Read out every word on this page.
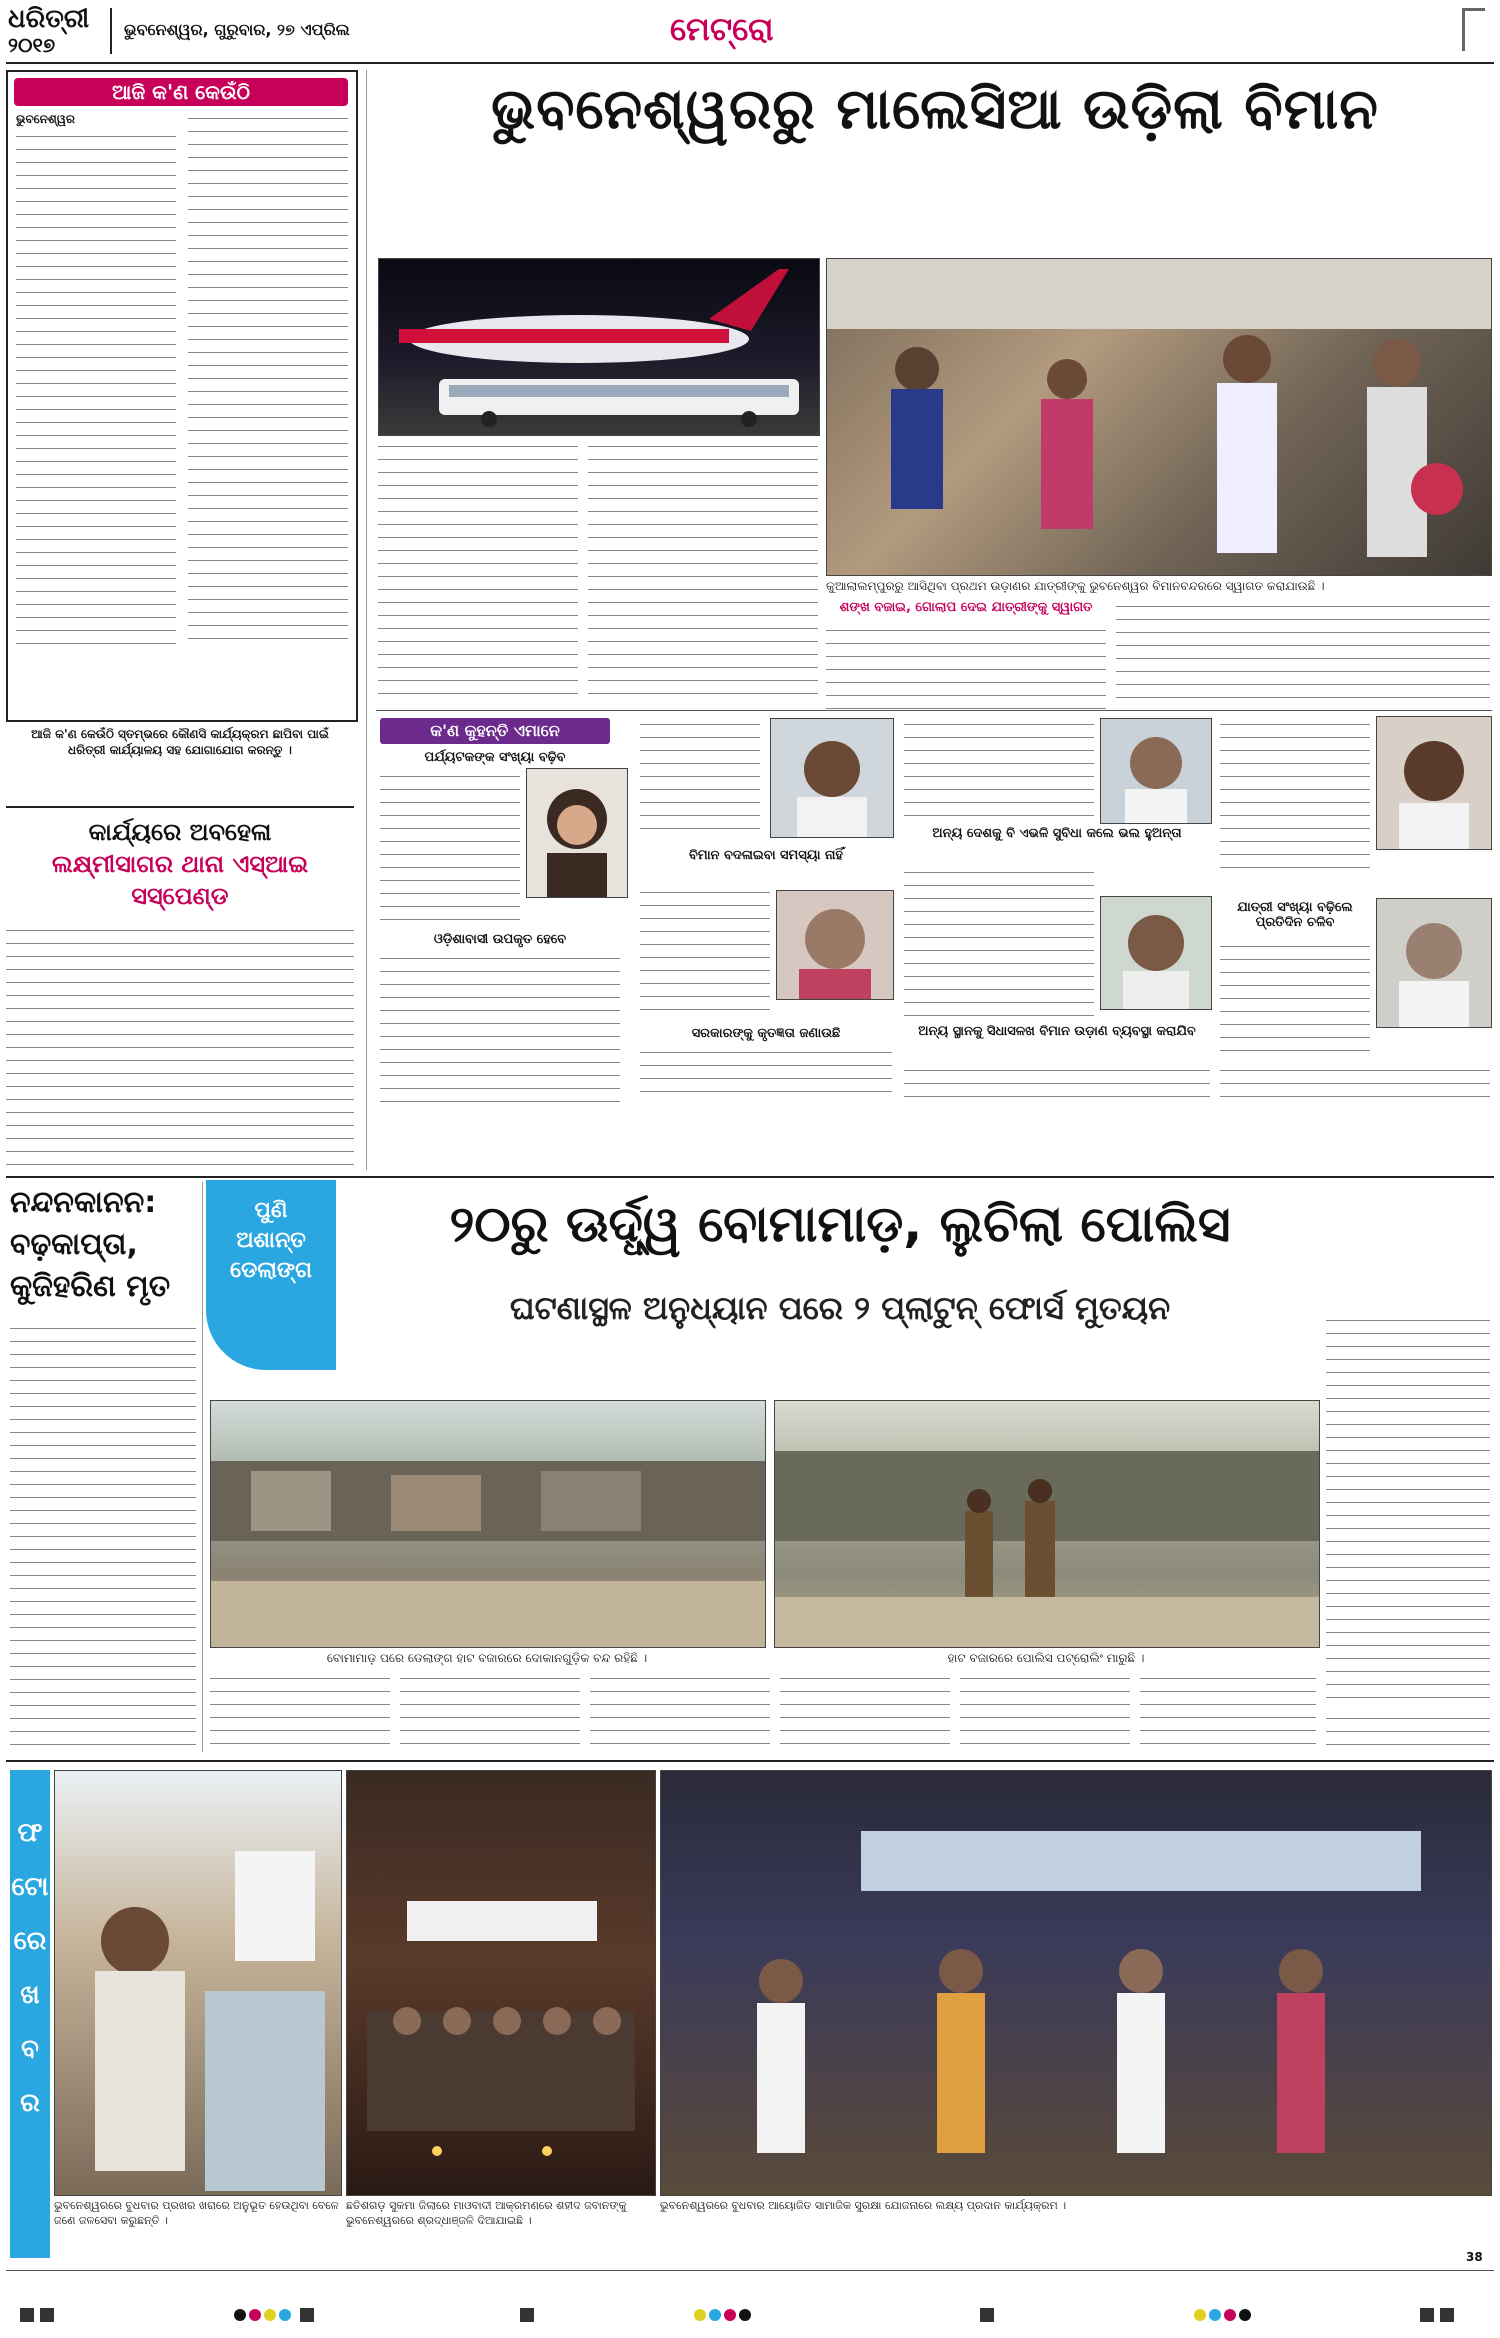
ଧରିତ୍ରୀ
୨୦୧୭
ଭୁବନେଶ୍ୱର, ଗୁରୁବାର, ୨୭ ଏପ୍ରିଲ	ମେଟ୍ରୋ
ଆଜି କ'ଣ କେଉଁଠି
ଭୁବନେଶ୍ୱର
ଆଜି କ'ଣ କେଉଁଠି ସ୍ତମ୍ଭରେ କୌଣସି କାର୍ଯ୍ୟକ୍ରମ ଛାପିବା ପାଇଁ ଧରିତ୍ରୀ କାର୍ଯ୍ୟାଳୟ ସହ ଯୋଗାଯୋଗ କରନ୍ତୁ ।
କାର୍ଯ୍ୟରେ ଅବହେଳା
ଲକ୍ଷ୍ମୀସାଗର ଥାନା ଏସ୍‌ଆଇ ସସ୍‌ପେଣ୍ଡ
ଭୁବନେଶ୍ୱରରୁ ମାଲେସିଆ ଉଡ଼ିଲା ବିମାନ
କୁଆଲାଲମ୍ପୁରରୁ ଆସିଥିବା ପ୍ରଥମ ଉଡ଼ାଣର ଯାତ୍ରୀଙ୍କୁ ଭୁବନେଶ୍ୱର ବିମାନବନ୍ଦରରେ ସ୍ୱାଗତ କରାଯାଉଛି ।
ଶଙ୍ଖ ବଜାଇ, ଗୋଲାପ ଦେଇ ଯାତ୍ରୀଙ୍କୁ ସ୍ୱାଗତ
କ'ଣ କୁହନ୍ତି ଏମାନେ
ପର୍ଯ୍ୟଟକଙ୍କ ସଂଖ୍ୟା ବଢ଼ିବ
ଓଡ଼ିଶାବାସୀ ଉପକୃତ ହେବେ
ବିମାନ ବଦଳାଇବା ସମସ୍ୟା ନାହିଁ
ସରକାରଙ୍କୁ କୃତଜ୍ଞତା ଜଣାଉଛି
ଅନ୍ୟ ଦେଶକୁ ବି ଏଭଳି ସୁବିଧା କଲେ ଭଲ ହୁଅନ୍ତା
ଅନ୍ୟ ସ୍ଥାନକୁ ସିଧାସଳଖ ବିମାନ ଉଡ଼ାଣ ବ୍ୟବସ୍ଥା କରାଯିବ
ଯାତ୍ରୀ ସଂଖ୍ୟା ବଢ଼ିଲେ ପ୍ରତିଦିନ ଚଳିବ
ନନ୍ଦନକାନନ:
ବଢ଼କାପ୍ତା,
କୁଜିହରିଣ ମୃତ
ପୁଣି ଅଶାନ୍ତ ଡେଲାଙ୍ଗ
୨୦ରୁ ଊର୍ଦ୍ଧ୍ୱ ବୋମାମାଡ଼, ଲୁଚିଲା ପୋଲିସ
ଘଟଣାସ୍ଥଳ ଅନୁଧ୍ୟାନ ପରେ ୨ ପ୍ଲାଟୁନ୍ ଫୋର୍ସ ମୁତୟନ
ବୋମାମାଡ଼ ପରେ ଡେଲାଙ୍ଗ ହାଟ ବଜାରରେ ଦୋକାନଗୁଡ଼ିକ ବନ୍ଦ ରହିଛି ।	ହାଟ ବଜାରରେ ପୋଲିସ ପଟ୍ରୋଲିଂ ମାରୁଛି ।
ଫ
ଟୋ
ରେ
ଖ
ବ
ର
ଭୁବନେଶ୍ୱରରେ ବୁଧବାର ପ୍ରଖର ଖରାରେ ଅନୁଭୂତ ହେଉଥିବା ବେଳେ ଜଣେ ଜଳସେବା କରୁଛନ୍ତି ।
ଛତିଶଗଡ଼ ସୁକମା ଜିଲାରେ ମାଓବାଦୀ ଆକ୍ରମଣରେ ଶହୀଦ ଜବାନଙ୍କୁ ଭୁବନେଶ୍ୱରରେ ଶ୍ରଦ୍ଧାଞ୍ଜଳି ଦିଆଯାଇଛି ।
ଭୁବନେଶ୍ୱରରେ ବୁଧବାର ଆୟୋଜିତ ସାମାଜିକ ସୁରକ୍ଷା ଯୋଜନାରେ ଲକ୍ଷ୍ୟ ପ୍ରଦାନ କାର୍ଯ୍ୟକ୍ରମ ।
38
